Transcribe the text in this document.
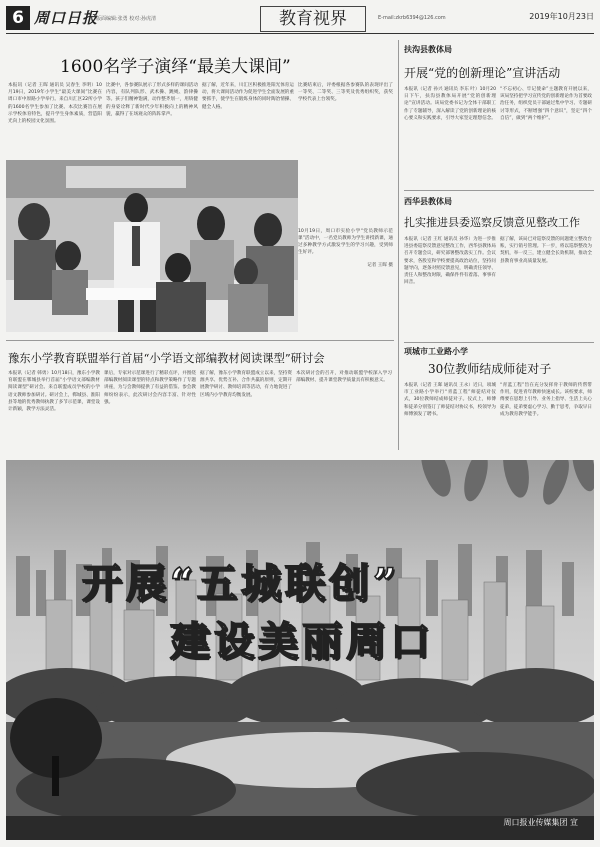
6 周口日报
版面编辑:张勇 校对:孙虎清	教育视界	E-mail:zkrb6394@126.com	2019年10月23日
1600名学子演绎“最美大课间”
本报讯（记者 王晖 通讯员 吴春生 李明）10月19日，2019年小学生“最美大课间”比赛在周口市中原路小学举行。来自川汇区22所小学的1600名学生参加了比赛。本次比赛旨在展示学校体育特色，提升学生身体素质，营造阳光向上的校园文化氛围。
比赛中，各参赛队展示了形式多样的课间活动内容，有队列队形、武术操、跳绳、韵律操等。孩子们精神饱满，动作整齐划一，用矫健的身姿诠释了新时代少年积极向上的精神风貌，赢得了在场观众的阵阵掌声。
据了解，近年来，川汇区积极推进阳光体育运动，将大课间活动作为促进学生全面发展的重要抓手，使学生在锻炼身体的同时陶冶情操、健全人格。
比赛结束后，评委根据各参赛队的表现评出了一等奖、二等奖、三等奖及优秀组织奖，获奖学校代表上台领奖。
10月19日，周口市实验小学“党员教师示范课”活动中，一名党员教师为学生讲授新课，通过多种教学方式激发学生的学习兴趣，受到师生好评。
记者 王晖 摄
扶沟县教体局
开展“党的创新理论”宣讲活动
本报讯（记者 孙兴 通讯员 李东 叶）10月20日下午，扶沟县教体局开展“党的创新理论”宣讲活动。该局党委书记为全体干部职工作了专题辅导，深入解读了党的创新理论的核心要义和实践要求，引导大家坚定理想信念。
“不忘初心、牢记使命”主题教育开展以来，该局坚持把学习宣传党的创新理论作为首要政治任务，组织党员干部通过集中学习、专题研讨等形式，不断增强“四个意识”，坚定“四个自信”，做到“两个维护”。
西华县教体局
扎实推进县委巡察反馈意见整改工作
本报讯（记者 王红 通讯员 孙华）为进一步推进县委巡察反馈意见整改工作，西华县教体局召开专题会议，研究部署整改落实工作。会议要求，各股室和学校要提高政治站位，坚持问题导向，逐条对照反馈意见，明确责任领导、责任人和整改时限，确保件件有着落、事事有回音。
据了解，该局已对巡察反馈的问题建立整改台账，实行销号管理。下一步，将以巡察整改为契机，举一反三，建立健全长效机制，推动全县教育事业高质量发展。
项城市工业路小学
30位教师结成师徒对子
本报讯（记者 王晖 通讯员 王永）近日，项城市工业路小学举行“青蓝工程”师徒结对仪式，30位教师结成师徒对子。仪式上，师傅和徒弟分别签订了师徒结对协议书，校领导为师傅颁发了聘书。
“青蓝工程”旨在充分发挥骨干教师的传帮带作用，促进青年教师快速成长。该校要求，师傅要在思想上引导、业务上指导、生活上关心徒弟，徒弟要虚心学习、勤于思考，争取早日成为教育教学能手。
豫东小学教育联盟举行首届“小学语文部编教材阅读课型”研讨会
本报讯（记者 韩勇）10月18日，豫东小学教育联盟在郸城县举行首届“小学语文部编教材阅读课型”研讨会。来自联盟成员学校的小学语文教师参加研讨。研讨会上，郸城县、淮阳县等地的优秀教师执教了多节示范课，课堂设计新颖，教学方法灵活。
课后，专家对示范课进行了精彩点评，并围绕部编教材阅读课型的特点和教学策略作了专题讲座，为与会教师提供了有益的借鉴。参会教师纷纷表示，此次研讨会内容丰富、针对性强。
据了解，豫东小学教育联盟成立以来，坚持资源共享、优势互补、合作共赢的原则，定期开展教学研讨、教师培训等活动，有力地促进了区域内小学教育均衡发展。
本次研讨会的召开，对推动联盟学校深入学习部编教材、提升课堂教学质量具有积极意义。
开展“五城联创”
建设美丽周口
周口报业传媒集团 宣
